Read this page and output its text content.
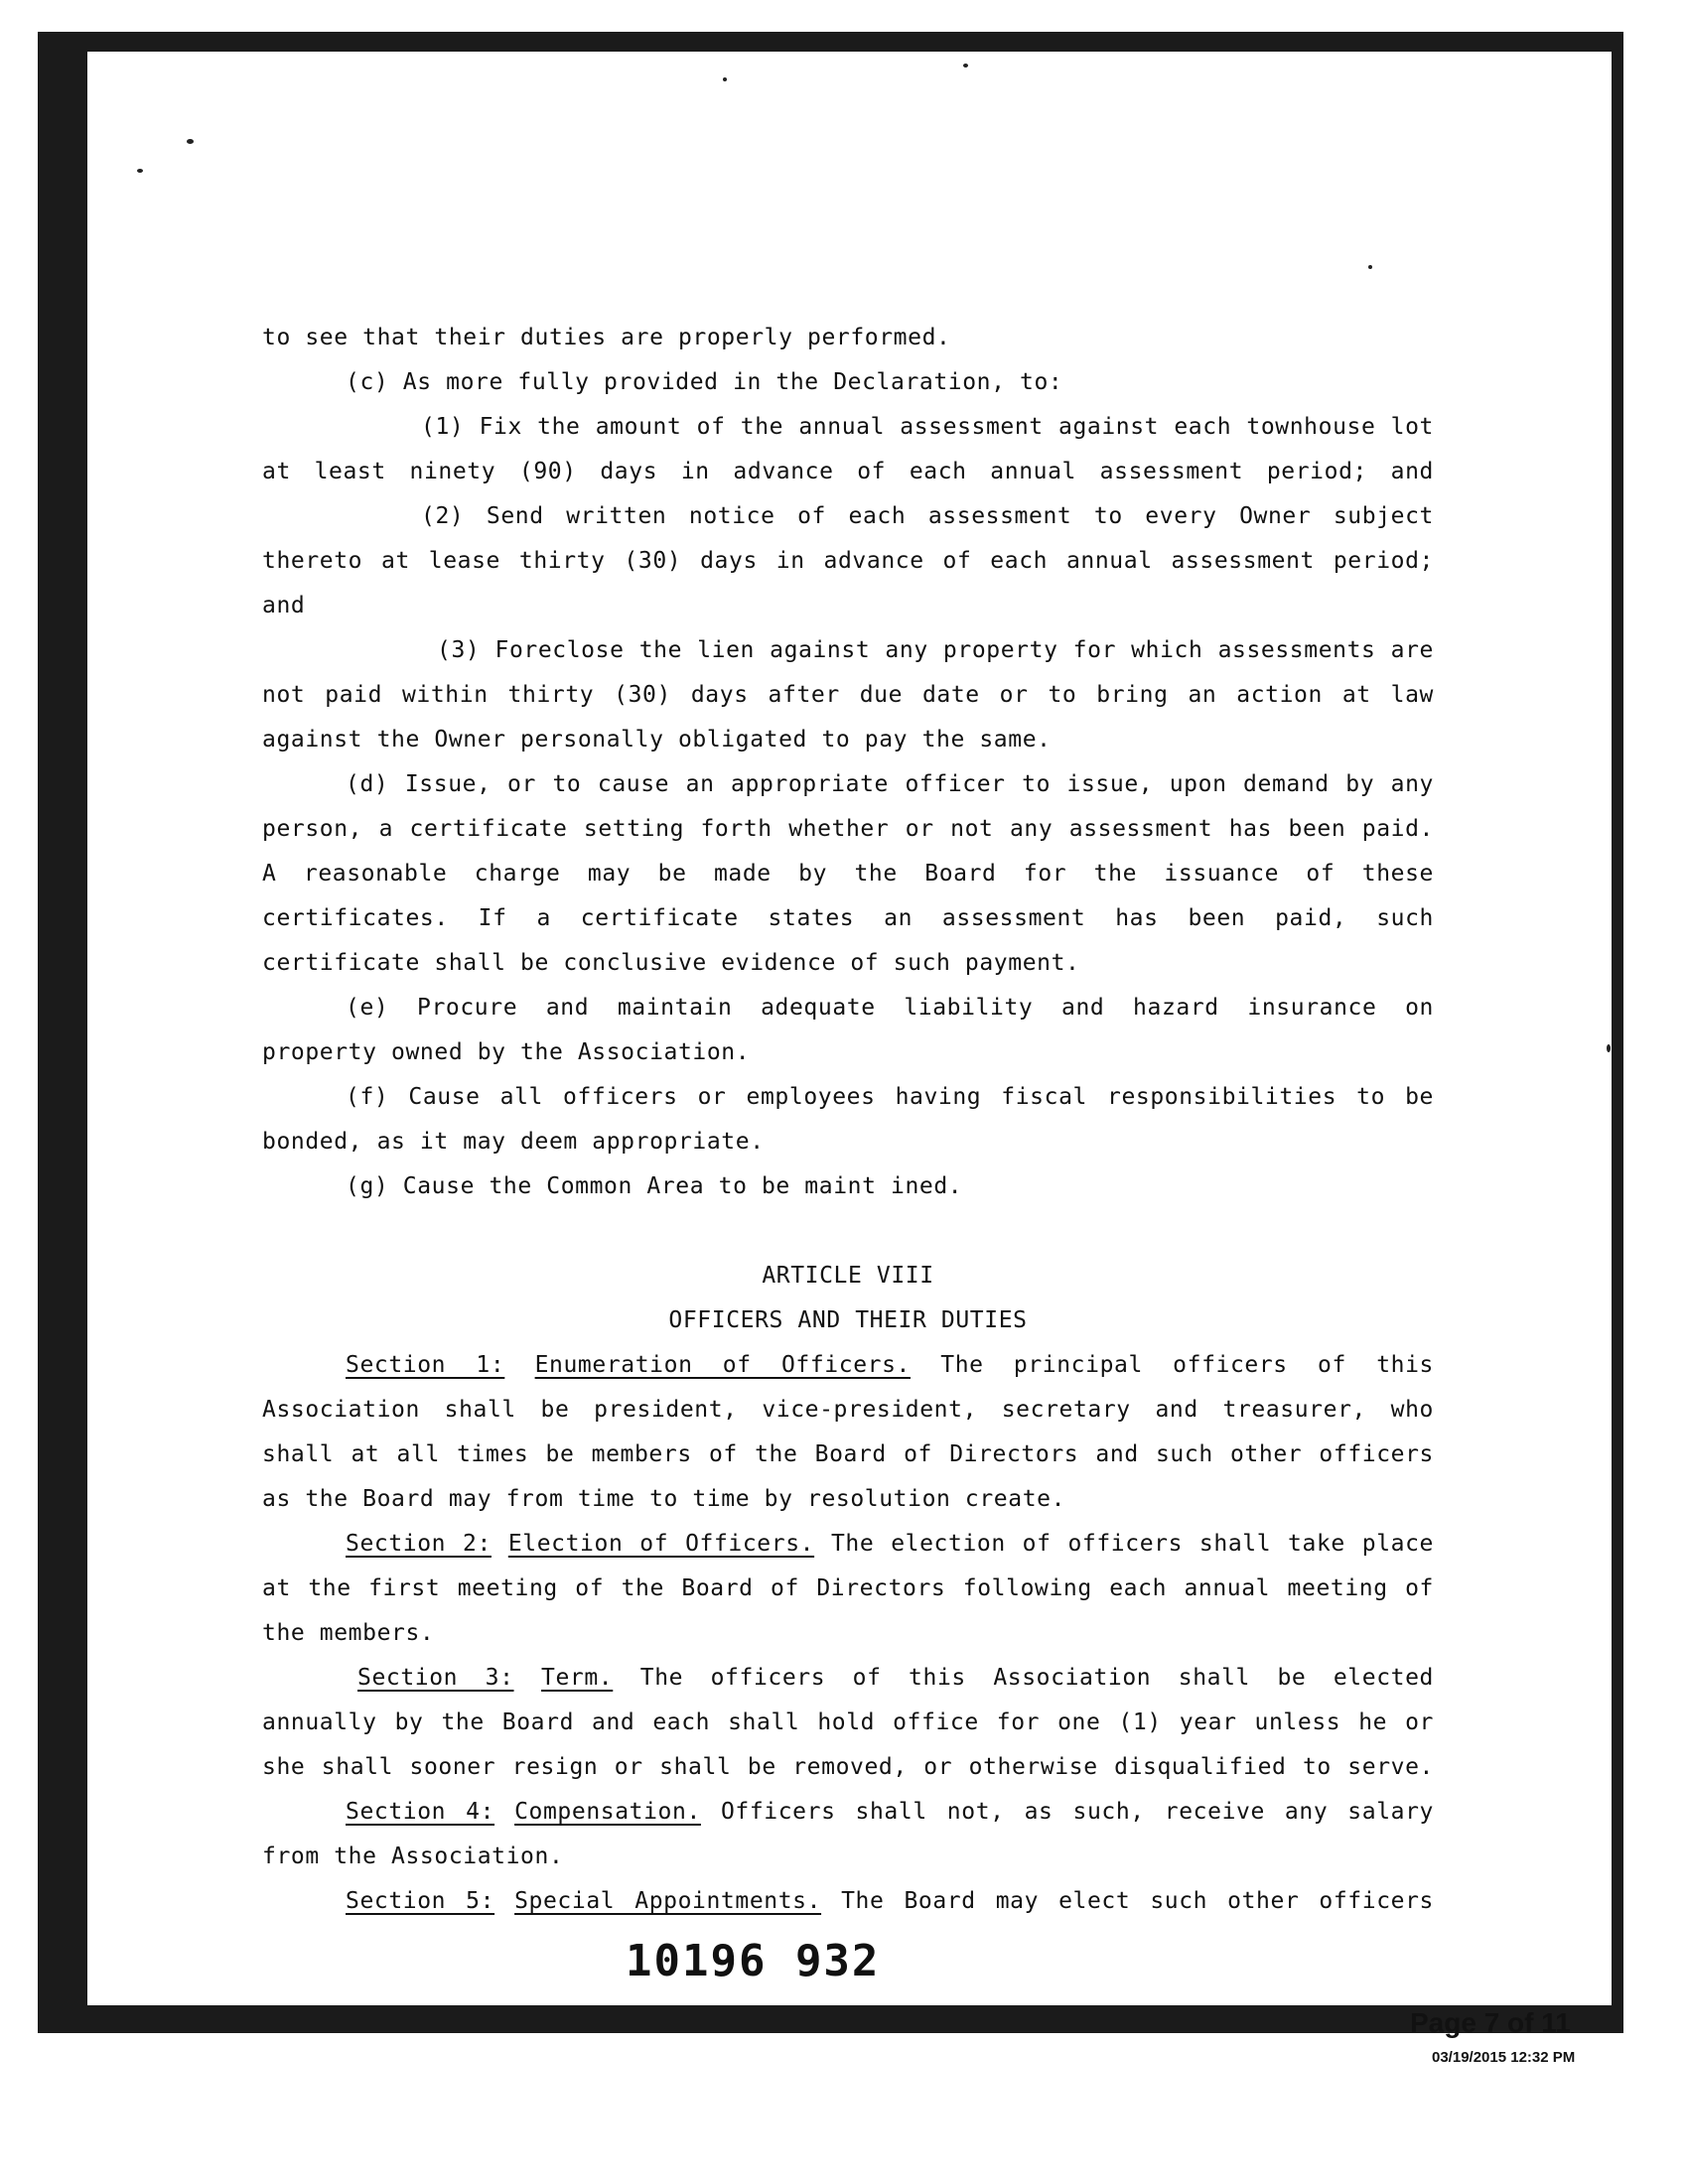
to see that their duties are properly performed.
(c) As more fully provided in the Declaration, to:
(1) Fix the amount of the annual assessment against each townhouse lot
at least ninety (90) days in advance of each annual assessment period; and
(2) Send written notice of each assessment to every Owner subject
thereto at lease thirty (30) days in advance of each annual assessment period;
and
(3) Foreclose the lien against any property for which assessments are
not paid within thirty (30) days after due date or to bring an action at law
against the Owner personally obligated to pay the same.
(d) Issue, or to cause an appropriate officer to issue, upon demand by any
person, a certificate setting forth whether or not any assessment has been paid.
A reasonable charge may be made by the Board for the issuance of these
certificates. If a certificate states an assessment has been paid, such
certificate shall be conclusive evidence of such payment.
(e) Procure and maintain adequate liability and hazard insurance on
property owned by the Association.
(f) Cause all officers or employees having fiscal responsibilities to be
bonded, as it may deem appropriate.
(g) Cause the Common Area to be maint ined.
ARTICLE VIII
OFFICERS AND THEIR DUTIES
Section 1: Enumeration of Officers. The principal officers of this
Association shall be president, vice-president, secretary and treasurer, who
shall at all times be members of the Board of Directors and such other officers
as the Board may from time to time by resolution create.
Section 2: Election of Officers. The election of officers shall take place
at the first meeting of the Board of Directors following each annual meeting of
the members.
Section 3: Term. The officers of this Association shall be elected
annually by the Board and each shall hold office for one (1) year unless he or
she shall sooner resign or shall be removed, or otherwise disqualified to serve.
Section 4: Compensation. Officers shall not, as such, receive any salary
from the Association.
Section 5: Special Appointments. The Board may elect such other officers
10196 932
Page 7 of 11
03/19/2015 12:32 PM
